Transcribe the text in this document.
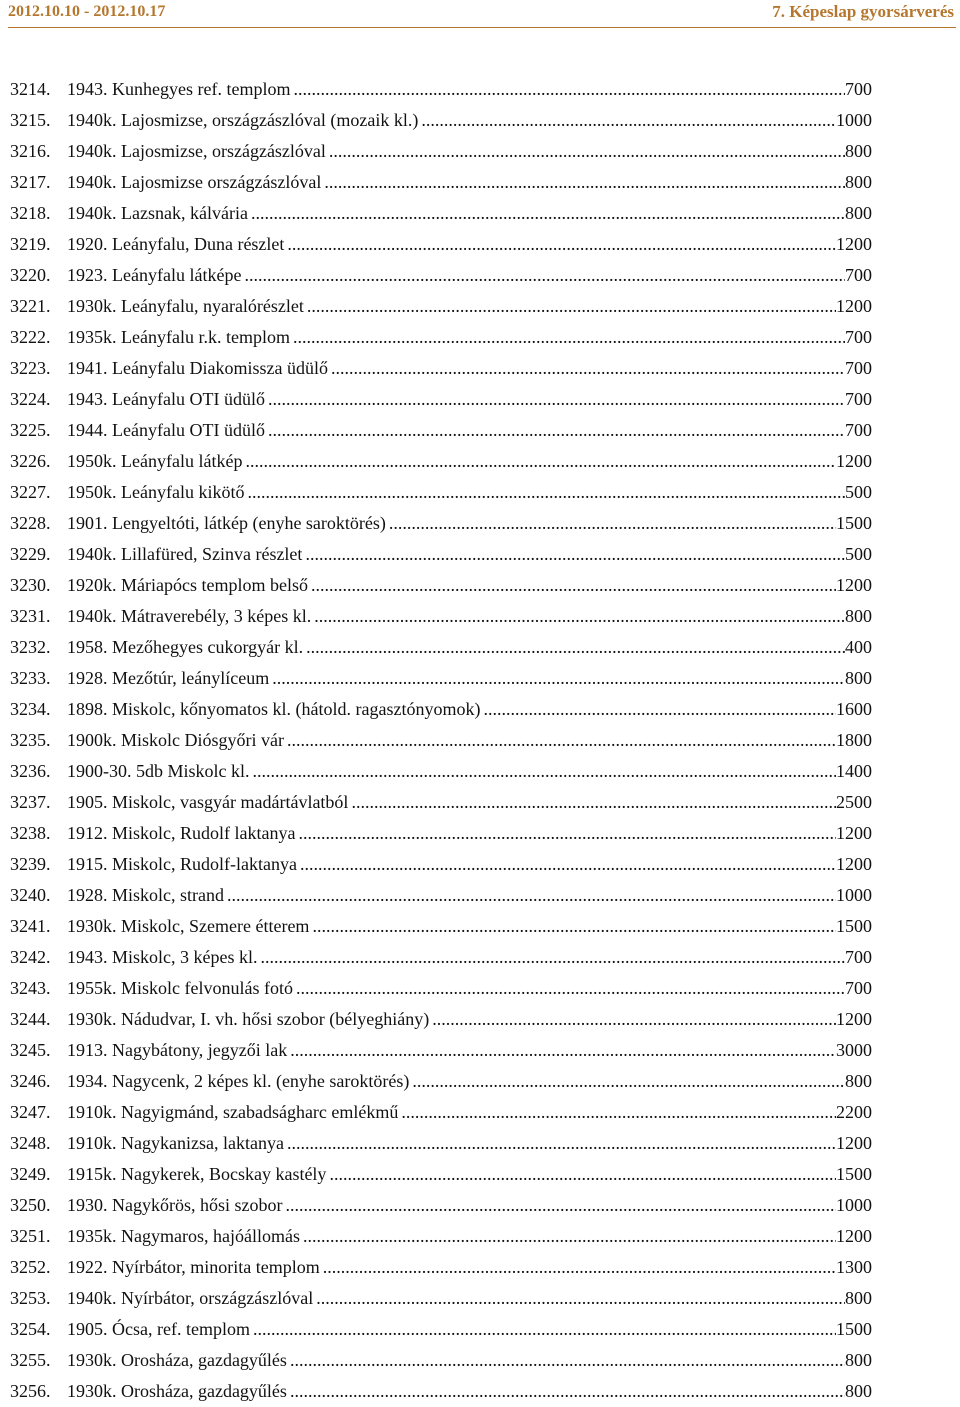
2012.10.10 - 2012.10.17	7. Képeslap gyorsárverés
3214. 1943. Kunhegyes ref. templom .....	700
3215. 1940k. Lajosmizse, országzászlóval (mozaik kl.) .....	1000
3216. 1940k. Lajosmizse, országzászlóval .....	800
3217. 1940k. Lajosmizse országzászlóval .....	800
3218. 1940k. Lazsnak, kálvária .....	800
3219. 1920. Leányfalu, Duna részlet .....	1200
3220. 1923. Leányfalu látképe .....	700
3221. 1930k. Leányfalu, nyaralórészlet .....	1200
3222. 1935k. Leányfalu r.k. templom .....	700
3223. 1941. Leányfalu Diakomissza üdülő .....	700
3224. 1943. Leányfalu OTI üdülő .....	700
3225. 1944. Leányfalu OTI üdülő .....	700
3226. 1950k. Leányfalu látkép .....	1200
3227. 1950k. Leányfalu kikötő .....	500
3228. 1901. Lengyeltóti, látkép (enyhe saroktörés) .....	1500
3229. 1940k. Lillafüred, Szinva részlet .....	500
3230. 1920k. Máriapócs templom belső .....	1200
3231. 1940k. Mátraverebély, 3 képes kl. .....	800
3232. 1958. Mezőhegyes cukorgyár kl. .....	400
3233. 1928. Mezőtúr, leánylíceum .....	800
3234. 1898. Miskolc, kőnyomatos kl. (hátold. ragasztónyomok) .....	1600
3235. 1900k. Miskolc Diósgyőri vár .....	1800
3236. 1900-30. 5db Miskolc kl. .....	1400
3237. 1905. Miskolc, vasgyár madártávlatból .....	2500
3238. 1912. Miskolc, Rudolf laktanya .....	1200
3239. 1915. Miskolc, Rudolf-laktanya .....	1200
3240. 1928. Miskolc, strand .....	1000
3241. 1930k. Miskolc, Szemere étterem .....	1500
3242. 1943. Miskolc, 3 képes kl. .....	700
3243. 1955k. Miskolc felvonulás fotó .....	700
3244. 1930k. Nádudvar, I. vh. hősi szobor (bélyeghiány) .....	1200
3245. 1913. Nagybátony, jegyzői lak .....	3000
3246. 1934. Nagycenk, 2 képes kl. (enyhe saroktörés) .....	800
3247. 1910k. Nagyigmánd, szabadságharc emlékmű .....	2200
3248. 1910k. Nagykanizsa, laktanya .....	1200
3249. 1915k. Nagykerek, Bocskay kastély .....	1500
3250. 1930. Nagykőrös, hősi szobor .....	1000
3251. 1935k. Nagymaros, hajóállomás .....	1200
3252. 1922. Nyírbátor, minorita templom .....	1300
3253. 1940k. Nyírbátor, országzászlóval .....	800
3254. 1905. Ócsa, ref. templom .....	1500
3255. 1930k. Orosháza, gazdagyűlés .....	800
3256. 1930k. Orosháza, gazdagyűlés .....	800
